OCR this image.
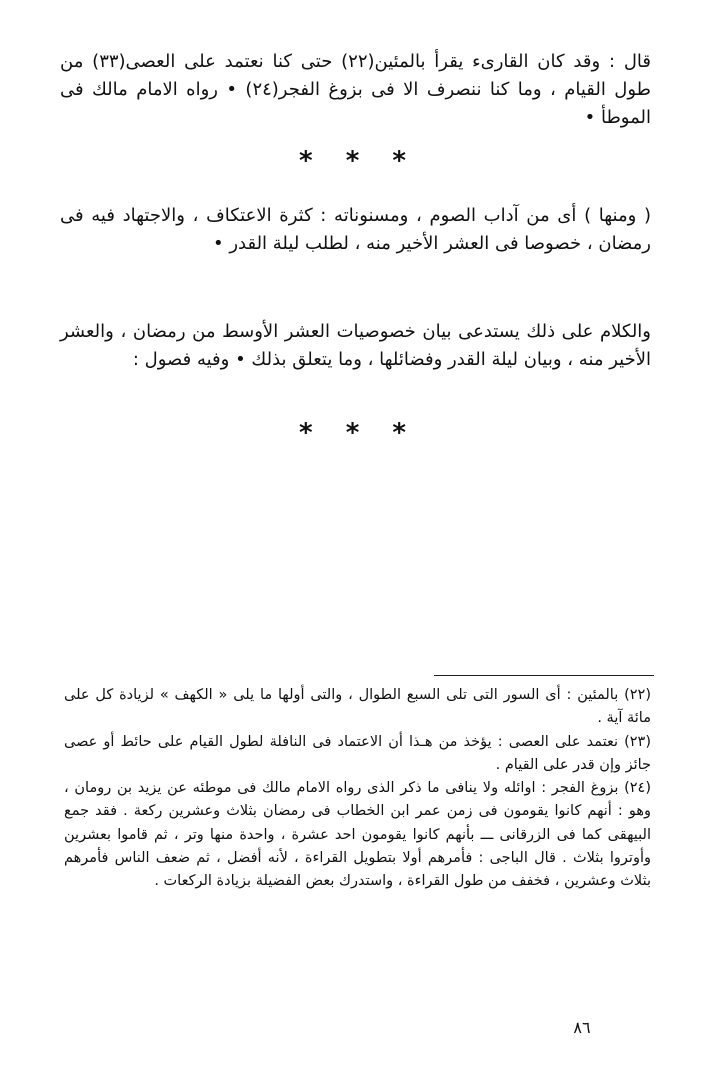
قال : وقد كان القارىء يقرأ بالمئين(٢٢) حتى كنا نعتمد على العصى(٣٣) من طول القيام ، وما كنا ننصرف الا فى بزوغ الفجر(٢٤) • رواه الامام مالك فى الموطأ •

* * *

( ومنها ) أى من آداب الصوم ، ومسنوناته : كثرة الاعتكاف ، والاجتهاد فيه فى رمضان ، خصوصا فى العشر الأخير منه ، لطلب ليلة القدر •

والكلام على ذلك يستدعى بيان خصوصيات العشر الأوسط من رمضان ، والعشر الأخير منه ، وبيان ليلة القدر وفضائلها ، وما يتعلق بذلك • وفيه فصول :

* * *

(٢٢) بالمئين : أى السور التى تلى السبع الطوال ، والتى أولها ما يلى « الكهف » لزيادة كل على مائة آية .

(٢٣) نعتمد على العصى : يؤخذ من هـذا أن الاعتماد فى النافلة لطول القيام على حائط أو عصى جائز وإن قدر على القيام .

(٢٤) بزوغ الفجر : اوائله ولا ينافى ما ذكر الذى رواه الامام مالك فى موطئه عن يزيد بن رومان ، وهو : أنهم كانوا يقومون فى زمن عمر ابن الخطاب فى رمضان بثلاث وعشرين ركعة . فقد جمع البيهقى كما فى الزرقانى ـــ بأنهم كانوا يقومون احد عشرة ، واحدة منها وتر ، ثم قاموا بعشرين وأوتروا بثلاث . قال الباجى : فأمرهم أولا بتطويل القراءة ، لأنه أفضل ، ثم ضعف الناس فأمرهم بثلاث وعشرين ، فخفف من طول القراءة ، واستدرك بعض الفضيلة بزيادة الركعات .

٨٦
